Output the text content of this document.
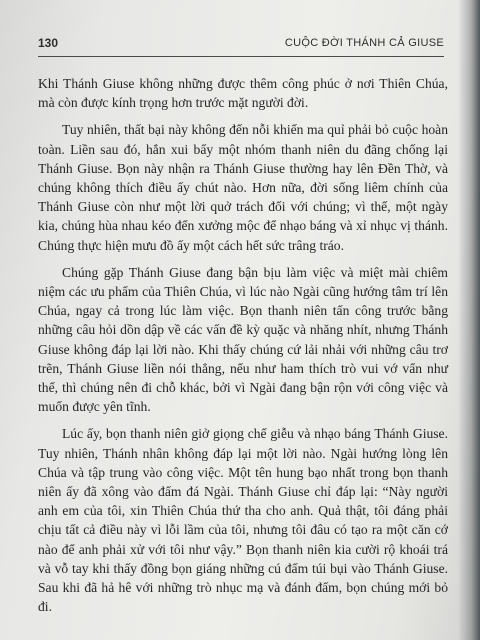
130	CUỘC ĐỜI THÁNH CẢ GIUSE

Khi Thánh Giuse không những được thêm công phúc ở nơi Thiên Chúa, mà còn được kính trọng hơn trước mặt người đời.

Tuy nhiên, thất bại này không đến nỗi khiến ma quỉ phải bỏ cuộc hoàn toàn. Liền sau đó, hắn xui bẩy một nhóm thanh niên du đãng chống lại Thánh Giuse. Bọn này nhận ra Thánh Giuse thường hay lên Đền Thờ, và chúng không thích điều ấy chút nào. Hơn nữa, đời sống liêm chính của Thánh Giuse còn như một lời quở trách đối với chúng; vì thế, một ngày kia, chúng hùa nhau kéo đến xưởng mộc để nhạo báng và xỉ nhục vị thánh. Chúng thực hiện mưu đồ ấy một cách hết sức trâng tráo.

Chúng gặp Thánh Giuse đang bận bịu làm việc và miệt mài chiêm niệm các ưu phẩm của Thiên Chúa, vì lúc nào Ngài cũng hướng tâm trí lên Chúa, ngay cả trong lúc làm việc. Bọn thanh niên tấn công trước bằng những câu hỏi dồn dập về các vấn đề kỳ quặc và nhăng nhít, nhưng Thánh Giuse không đáp lại lời nào. Khi thấy chúng cứ lải nhải với những câu trơ trẽn, Thánh Giuse liền nói thẳng, nếu như ham thích trò vui vớ vẩn như thế, thì chúng nên đi chỗ khác, bởi vì Ngài đang bận rộn với công việc và muốn được yên tĩnh.

Lúc ấy, bọn thanh niên giở giọng chế giễu và nhạo báng Thánh Giuse. Tuy nhiên, Thánh nhân không đáp lại một lời nào. Ngài hướng lòng lên Chúa và tập trung vào công việc. Một tên hung bạo nhất trong bọn thanh niên ấy đã xông vào đấm đá Ngài. Thánh Giuse chỉ đáp lại: “Này người anh em của tôi, xin Thiên Chúa thứ tha cho anh. Quả thật, tôi đáng phải chịu tất cả điều này vì lỗi lầm của tôi, nhưng tôi đâu có tạo ra một căn cớ nào để anh phải xử với tôi như vậy.” Bọn thanh niên kia cười rộ khoái trá và vỗ tay khi thấy đồng bọn giáng những cú đấm túi bụi vào Thánh Giuse. Sau khi đã hả hê với những trò nhục mạ và đánh đấm, bọn chúng mới bỏ đi.
